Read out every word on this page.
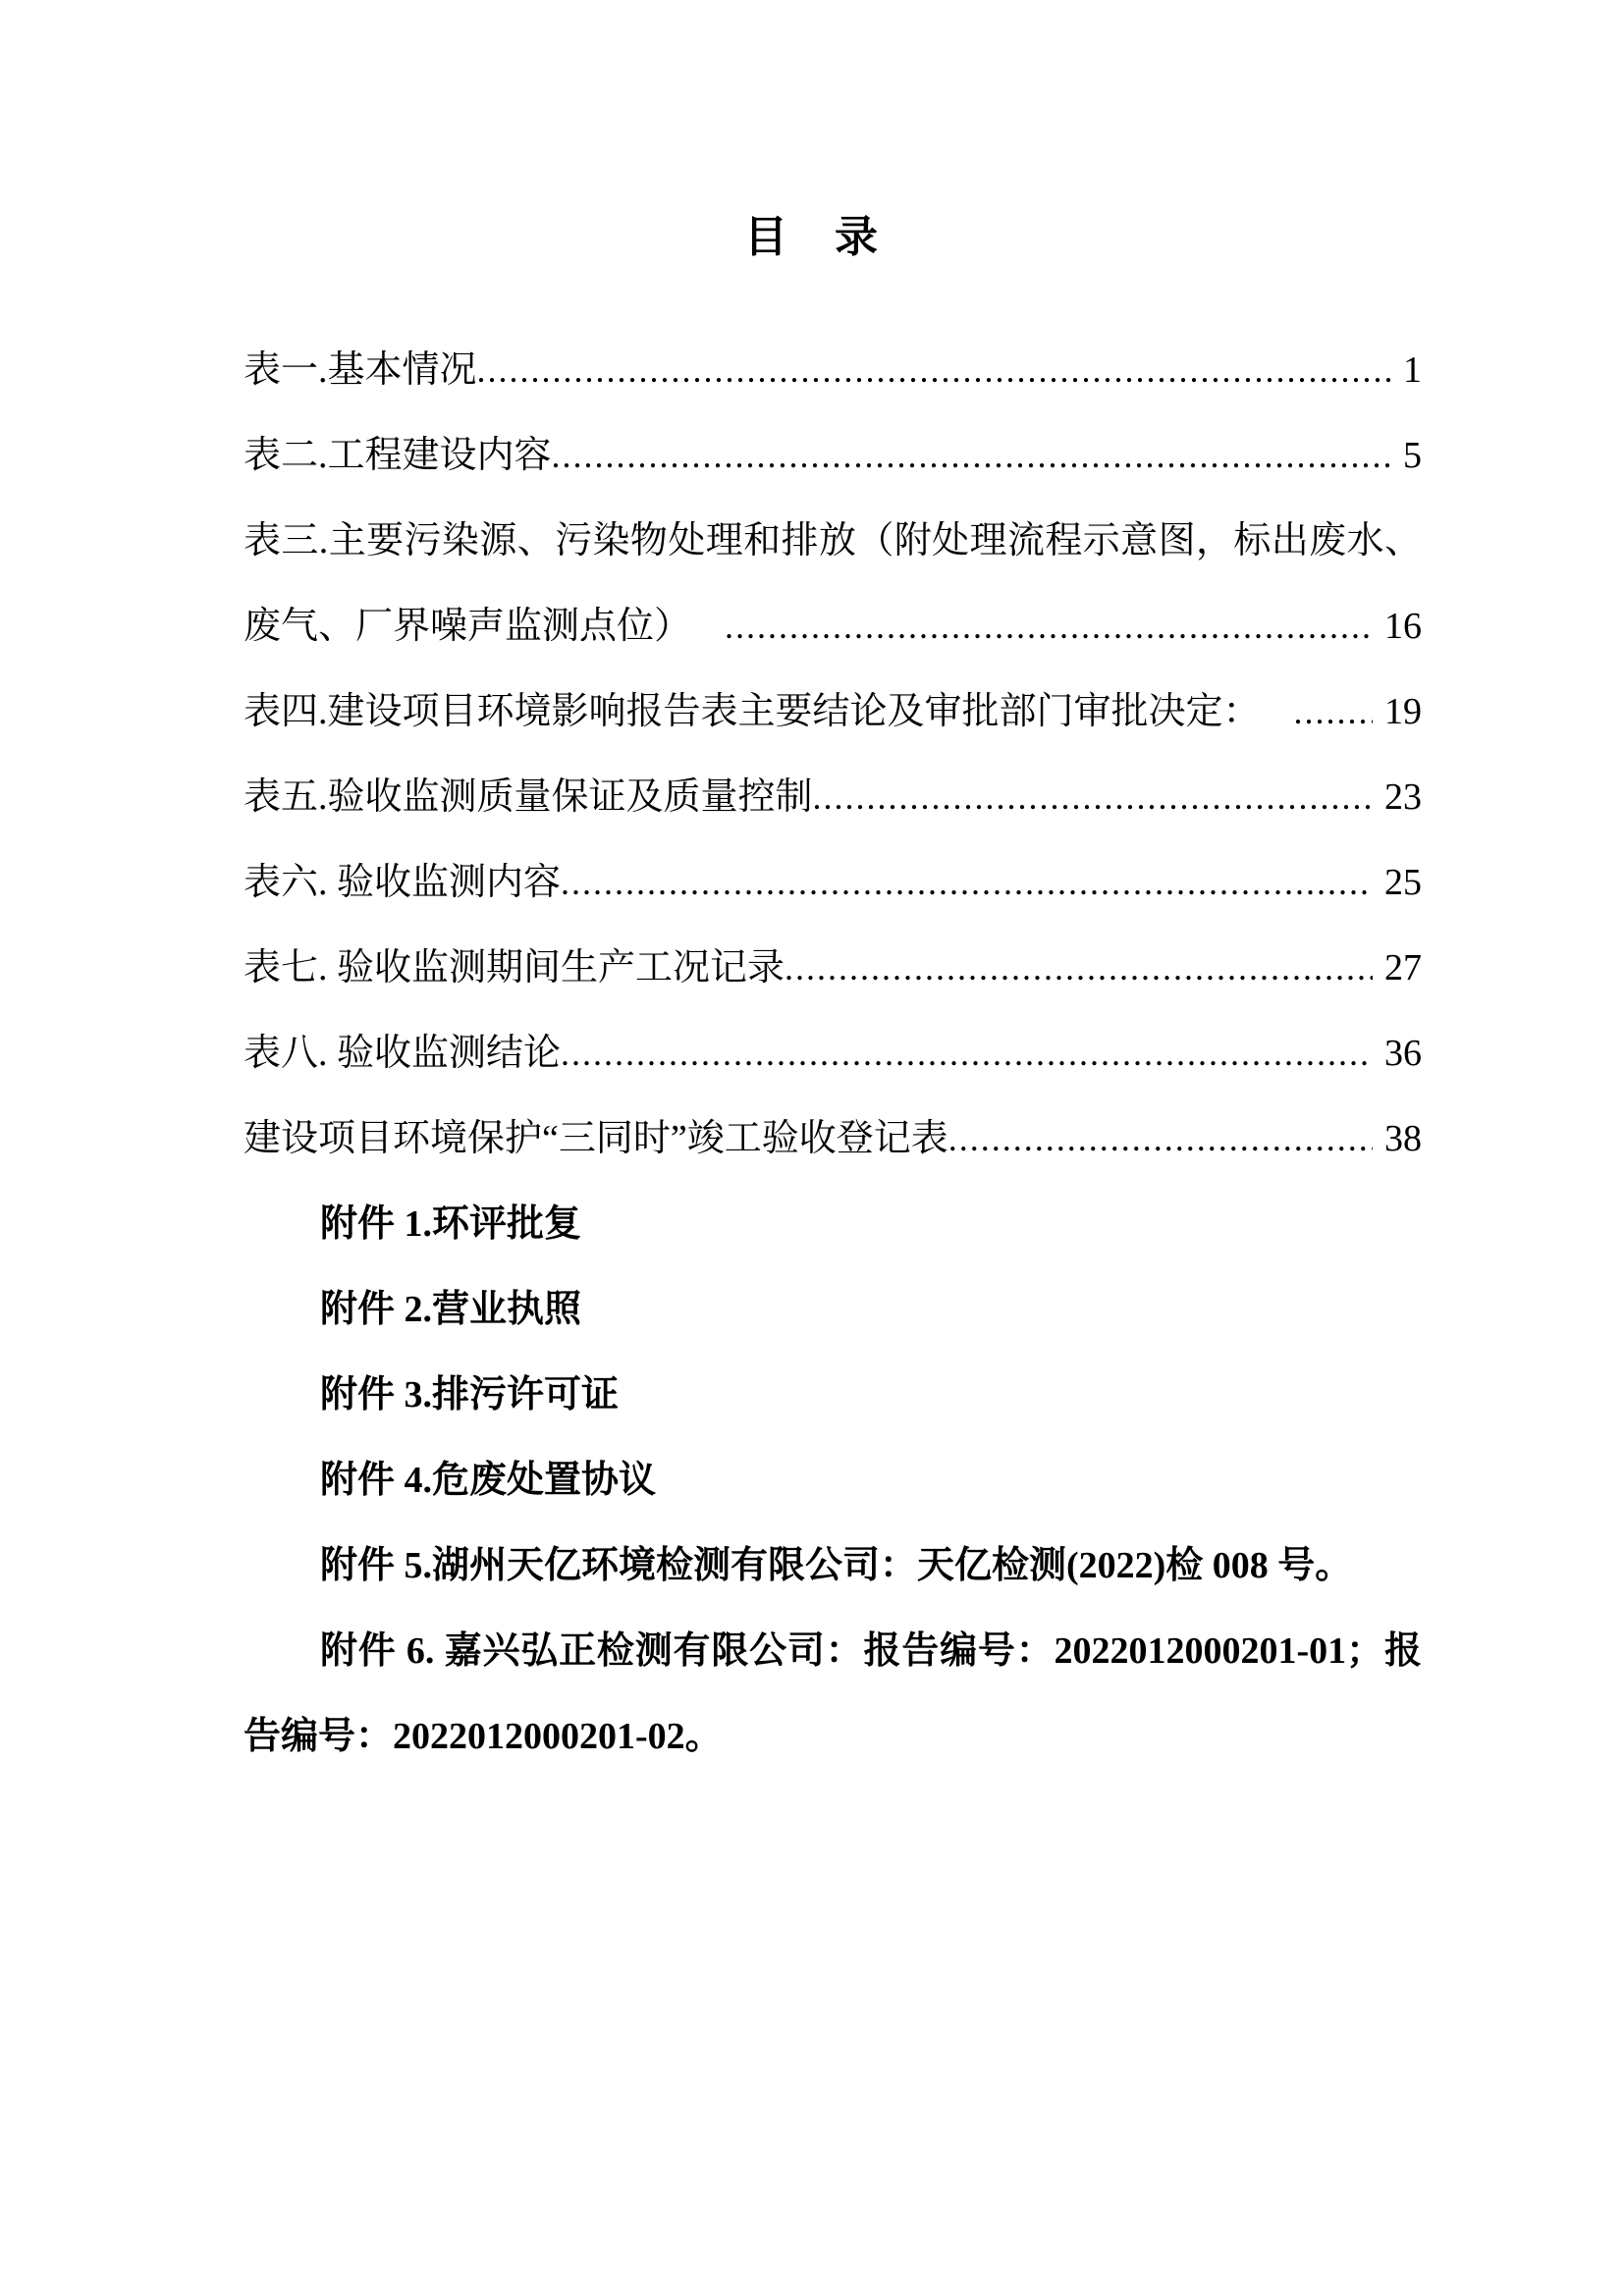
目　录
表一.基本情况 .....	1
表二.工程建设内容 .....	5
表三.主要污染源、污染物处理和排放（附处理流程示意图，标出废水、
废气、厂界噪声监测点位） .....	16
表四.建设项目环境影响报告表主要结论及审批部门审批决定： .....	19
表五.验收监测质量保证及质量控制 .....	23
表六. 验收监测内容 .....	25
表七. 验收监测期间生产工况记录 .....	27
表八. 验收监测结论 .....	36
建设项目环境保护“三同时”竣工验收登记表 .....	38

附件 1.环评批复

附件 2.营业执照

附件 3.排污许可证

附件 4.危废处置协议

附件 5.湖州天亿环境检测有限公司：天亿检测(2022)检 008 号。

附件 6. 嘉兴弘正检测有限公司：报告编号：2022012000201-01；报

告编号：2022012000201-02。
